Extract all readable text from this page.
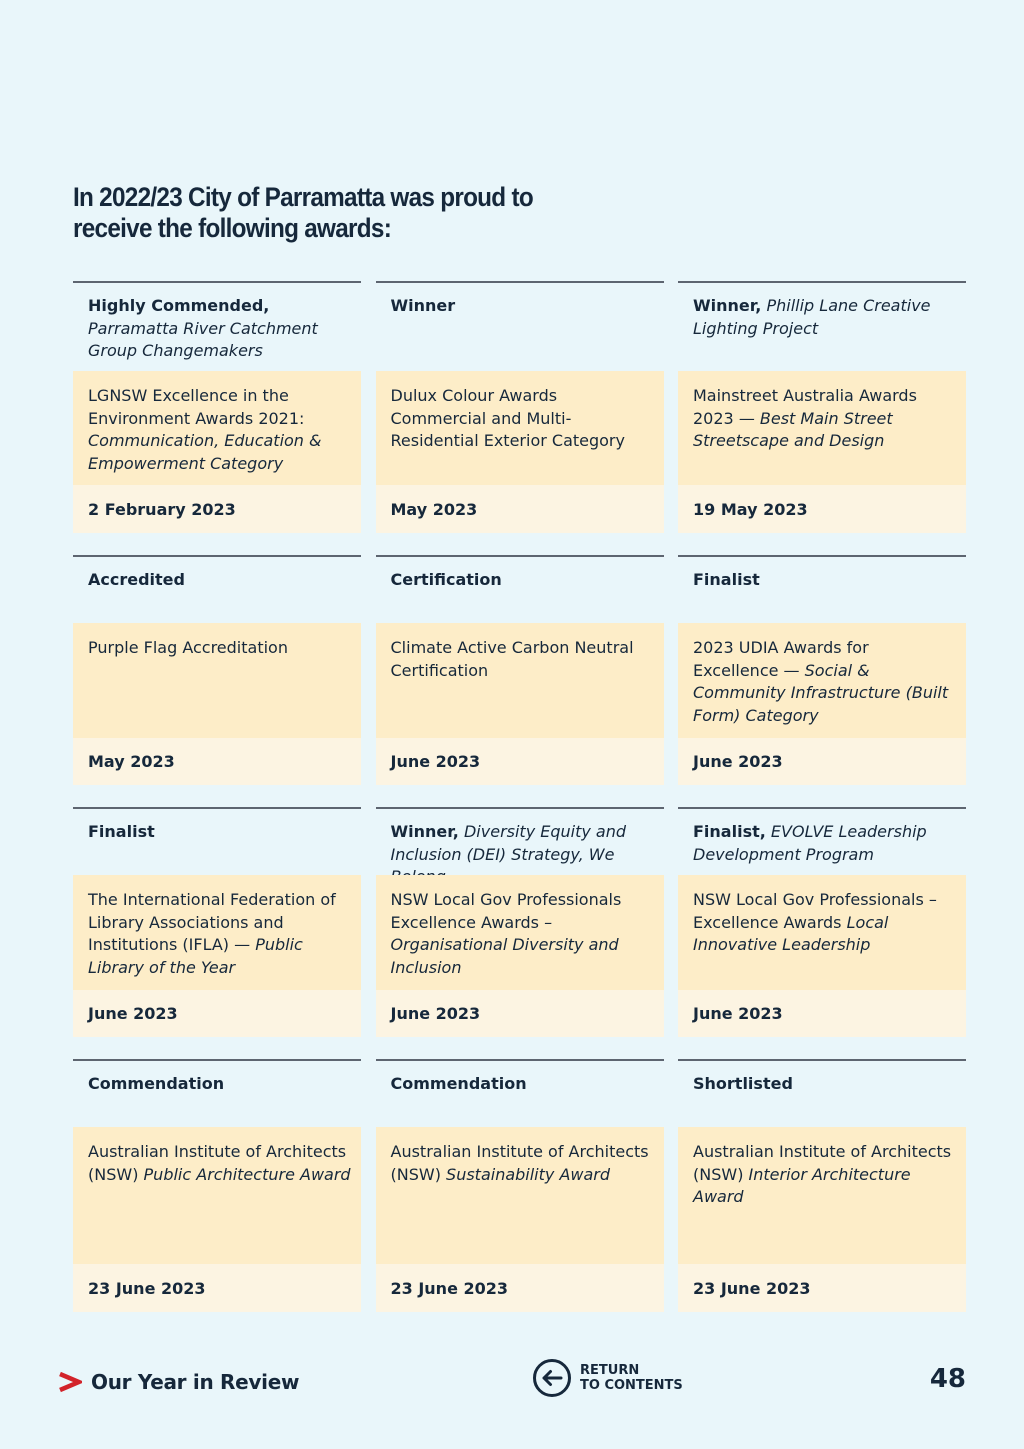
In 2022/23 City of Parramatta was proud to receive the following awards:
Highly Commended, Parramatta River Catchment Group Changemakers
LGNSW Excellence in the Environment Awards 2021: Communication, Education & Empowerment Category
2 February 2023
Winner
Dulux Colour Awards Commercial and Multi-Residential Exterior Category
May 2023
Winner, Phillip Lane Creative Lighting Project
Mainstreet Australia Awards 2023 — Best Main Street Streetscape and Design
19 May 2023
Accredited
Purple Flag Accreditation
May 2023
Certification
Climate Active Carbon Neutral Certification
June 2023
Finalist
2023 UDIA Awards for Excellence — Social & Community Infrastructure (Built Form) Category
June 2023
Finalist
The International Federation of Library Associations and Institutions (IFLA) — Public Library of the Year
June 2023
Winner, Diversity Equity and Inclusion (DEI) Strategy, We
NSW Local Gov Professionals Excellence Awards – Organisational Diversity and Inclusion
June 2023
Finalist, EVOLVE Leadership Development Program
NSW Local Gov Professionals – Excellence Awards Local Innovative Leadership
June 2023
Commendation
Australian Institute of Architects (NSW) Public Architecture Award
23 June 2023
Commendation
Australian Institute of Architects (NSW) Sustainability Award
23 June 2023
Shortlisted
Australian Institute of Architects (NSW) Interior Architecture Award
23 June 2023
Our Year in Review	RETURN
TO CONTENTS	48
